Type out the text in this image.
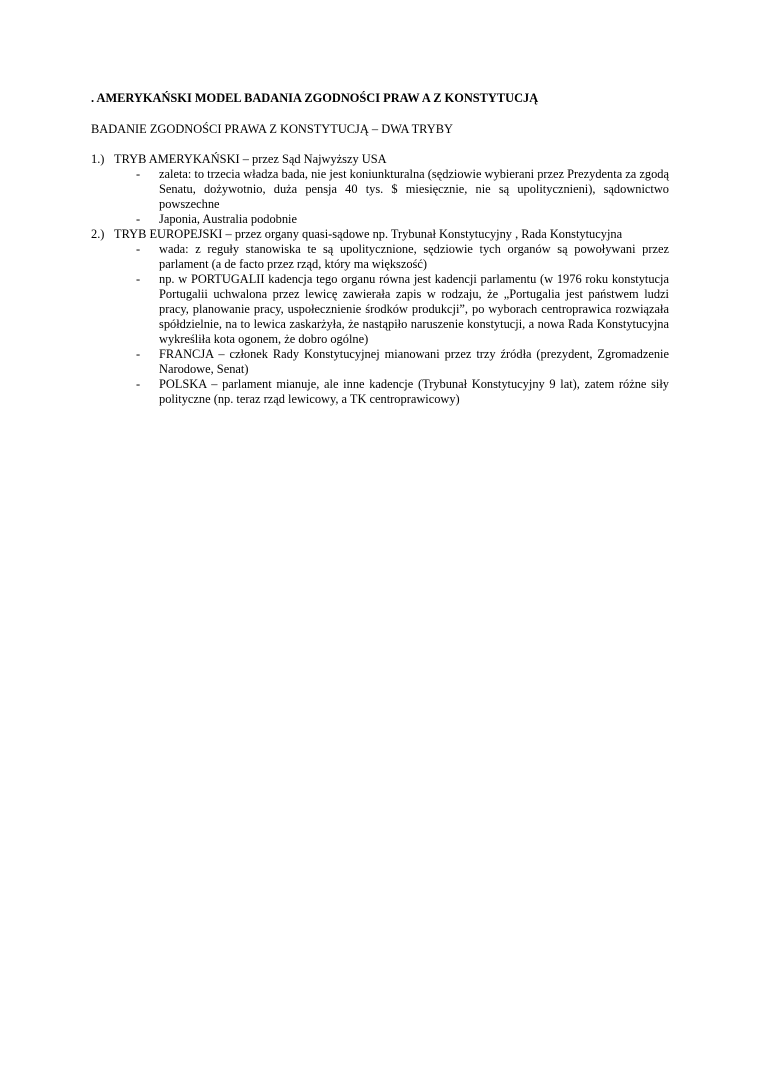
. AMERYKAŃSKI MODEL BADANIA ZGODNOŚCI PRAW A Z KONSTYTUCJĄ

BADANIE ZGODNOŚCI PRAWA Z KONSTYTUCJĄ – DWA TRYBY

1.) TRYB AMERYKAŃSKI – przez Sąd Najwyższy USA
- zaleta: to trzecia władza bada, nie jest koniunkturalna (sędziowie wybierani przez Prezydenta za zgodą Senatu, dożywotnio, duża pensja 40 tys. $ miesięcznie, nie są upolitycznieni), sądownictwo powszechne
- Japonia, Australia podobnie
2.) TRYB EUROPEJSKI – przez organy quasi-sądowe np. Trybunał Konstytucyjny , Rada Konstytucyjna
- wada: z reguły stanowiska te są upolitycznione, sędziowie tych organów są powoływani przez parlament (a de facto przez rząd, który ma większość)
- np. w PORTUGALII kadencja tego organu równa jest kadencji parlamentu (w 1976 roku konstytucja Portugalii uchwalona przez lewicę zawierała zapis w rodzaju, że „Portugalia jest państwem ludzi pracy, planowanie pracy, uspołecznienie środków produkcji”, po wyborach centroprawica rozwiązała spółdzielnie, na to lewica zaskarżyła, że nastąpiło naruszenie konstytucji, a nowa Rada Konstytucyjna wykreśliła kota ogonem, że dobro ogólne)
- FRANCJA – członek Rady Konstytucyjnej mianowani przez trzy źródła (prezydent, Zgromadzenie Narodowe, Senat)
- POLSKA – parlament mianuje, ale inne kadencje (Trybunał Konstytucyjny 9 lat), zatem różne siły polityczne (np. teraz rząd lewicowy, a TK centroprawicowy)
